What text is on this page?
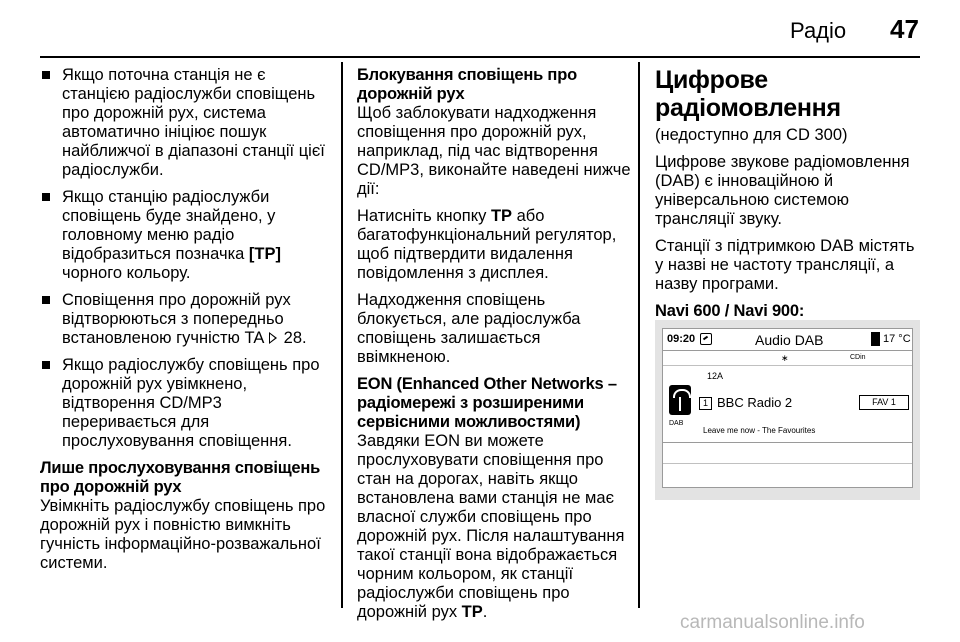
Радіо 47
Якщо поточна станція не є станцією радіослужби сповіщень про дорожній рух, система автоматично ініціює пошук найближчої в діапазоні станції цієї радіослужби.
Якщо станцію радіослужби сповіщень буде знайдено, у головному меню радіо відобразиться позначка [TP] чорного кольору.
Сповіщення про дорожній рух відтворюються з попередньо встановленою гучністю TA  28.
Якщо радіослужбу сповіщень про дорожній рух увімкнено, відтворення CD/MP3 переривається для прослуховування сповіщення.
Лише прослуховування сповіщень про дорожній рух
Увімкніть радіослужбу сповіщень про дорожній рух і повністю вимкніть гучність інформаційно-розважальної системи.
Блокування сповіщень про дорожній рух
Щоб заблокувати надходження сповіщення про дорожній рух, наприклад, під час відтворення CD/MP3, виконайте наведені нижче дії:
Натисніть кнопку TP або багатофункціональний регулятор, щоб підтвердити видалення повідомлення з дисплея.
Надходження сповіщень блокується, але радіослужба сповіщень залишається ввімкненою.
EON (Enhanced Other Networks – радіомережі з розширеними сервісними можливостями)
Завдяки EON ви можете прослуховувати сповіщення про стан на дорогах, навіть якщо встановлена вами станція не має власної служби сповіщень про дорожній рух. Після налаштування такої станції вона відображається чорним кольором, як станції радіослужби сповіщень про дорожній рух TP.
Цифрове радіомовлення
(недоступно для CD 300)
Цифрове звукове радіомовлення (DAB) є інноваційною й універсальною системою трансляції звуку.
Станції з підтримкою DAB містять у назві не частоту трансляції, а назву програми.
Navi 600 / Navi 900:
09:20	Audio DAB	17 °C
∗	CDin
12A
DAB
1 BBC Radio 2	FAV 1
Leave me now - The Favourites
carmanualsonline.info
